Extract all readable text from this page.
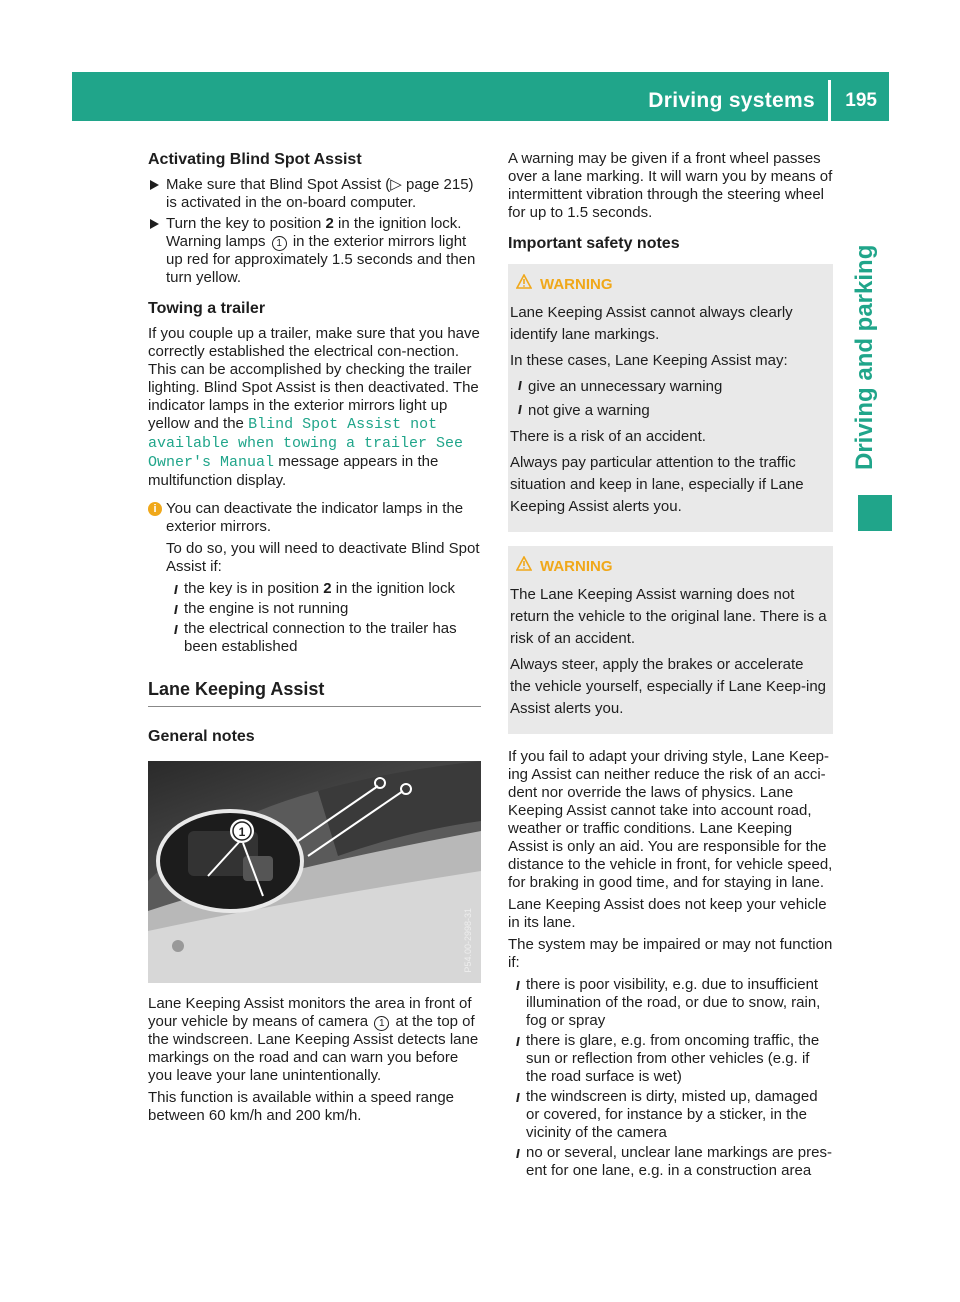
Driving systems 195
Driving and parking
Activating Blind Spot Assist
Make sure that Blind Spot Assist (▷ page 215) is activated in the on-board computer.
Turn the key to position 2 in the ignition lock. Warning lamps 1 in the exterior mirrors light up red for approximately 1.5 seconds and then turn yellow.
Towing a trailer

If you couple up a trailer, make sure that you have correctly established the electrical con-nection. This can be accomplished by checking the trailer lighting. Blind Spot Assist is then deactivated. The indicator lamps in the exterior mirrors light up yellow and the Blind Spot Assist not available when towing a trailer See Owner's Manual message appears in the multifunction display.

i You can deactivate the indicator lamps in the exterior mirrors.

To do so, you will need to deactivate Blind Spot Assist if:

the key is in position 2 in the ignition lock
the engine is not running
the electrical connection to the trailer has been established
Lane Keeping Assist
General notes
1
P54.00-2998-31

Lane Keeping Assist monitors the area in front of your vehicle by means of camera 1 at the top of the windscreen. Lane Keeping Assist detects lane markings on the road and can warn you before you leave your lane unintentionally.

This function is available within a speed range between 60 km/h and 200 km/h.

A warning may be given if a front wheel passes over a lane marking. It will warn you by means of intermittent vibration through the steering wheel for up to 1.5 seconds.

Important safety notes
WARNING

Lane Keeping Assist cannot always clearly identify lane markings.

In these cases, Lane Keeping Assist may:

give an unnecessary warning
not give a warning

There is a risk of an accident.

Always pay particular attention to the traffic situation and keep in lane, especially if Lane Keeping Assist alerts you.

WARNING

The Lane Keeping Assist warning does not return the vehicle to the original lane. There is a risk of an accident.

Always steer, apply the brakes or accelerate the vehicle yourself, especially if Lane Keep-ing Assist alerts you.

If you fail to adapt your driving style, Lane Keep-ing Assist can neither reduce the risk of an acci-dent nor override the laws of physics. Lane Keeping Assist cannot take into account road, weather or traffic conditions. Lane Keeping Assist is only an aid. You are responsible for the distance to the vehicle in front, for vehicle speed, for braking in good time, and for staying in lane.

Lane Keeping Assist does not keep your vehicle in its lane.

The system may be impaired or may not function if:

there is poor visibility, e.g. due to insufficient illumination of the road, or due to snow, rain, fog or spray
there is glare, e.g. from oncoming traffic, the sun or reflection from other vehicles (e.g. if the road surface is wet)
the windscreen is dirty, misted up, damaged or covered, for instance by a sticker, in the vicinity of the camera
no or several, unclear lane markings are pres-ent for one lane, e.g. in a construction area
